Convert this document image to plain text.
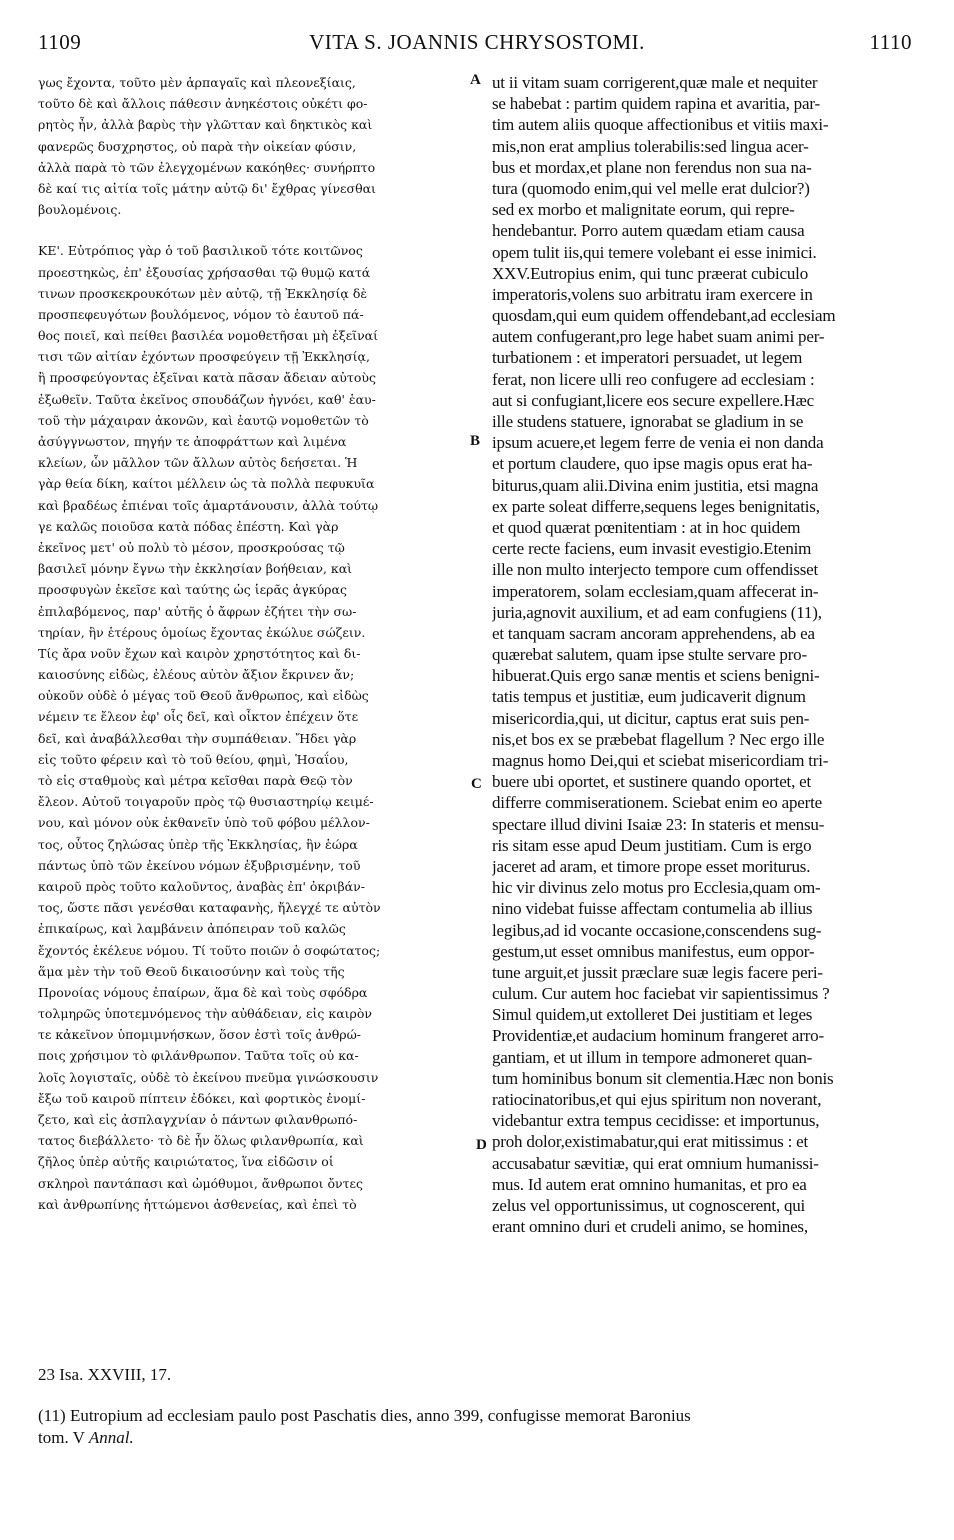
1109	VITA S. JOANNIS CHRYSOSTOMI.	1110
γως ἔχοντα, τοῦτο μὲν ἁρπαγαῖς καὶ πλεονεξίαις,
τοῦτο δὲ καὶ ἄλλοις πάθεσιν ἀνηκέστοις οὐκέτι φο-
ρητὸς ἦν, ἀλλὰ βαρὺς τὴν γλῶτταν καὶ δηκτικὸς καὶ
φανερῶς δυσχρηστος, οὐ παρὰ τὴν οἰκείαν φύσιν,
ἀλλὰ παρὰ τὸ τῶν ἐλεγχομένων κακόηθες· συνήρπτο
δὲ καί τις αἰτία τοῖς μάτην αὐτῷ δι' ἔχθρας γίνεσθαι
βουλομένοις.
ΚΕ'. Εὐτρόπιος γὰρ ὁ τοῦ βασιλικοῦ τότε κοιτῶνος
προεστηκὼς, ἐπ' ἐξουσίας χρήσασθαι τῷ θυμῷ κατά
τινων προσκεκρουκότων μὲν αὐτῷ, τῇ Ἐκκλησίᾳ δὲ
προσπεφευγότων βουλόμενος, νόμον τὸ ἑαυτοῦ πά-
θος ποιεῖ, καὶ πείθει βασιλέα νομοθετῆσαι μὴ ἐξεῖναί
τισι τῶν αἰτίαν ἐχόντων προσφεύγειν τῇ Ἐκκλησίᾳ,
ἢ προσφεύγοντας ἐξεῖναι κατὰ πᾶσαν ἄδειαν αὐτοὺς
ἐξωθεῖν. Ταῦτα ἐκεῖνος σπουδάζων ἠγνόει, καθ' ἑαυ-
τοῦ τὴν μάχαιραν ἀκονῶν, καὶ ἑαυτῷ νομοθετῶν τὸ
ἀσύγγνωστον, πηγήν τε ἀποφράττων καὶ λιμένα
κλείων, ὧν μᾶλλον τῶν ἄλλων αὐτὸς δεήσεται. Ἡ
γὰρ θεία δίκη, καίτοι μέλλειν ὡς τὰ πολλὰ πεφυκυῖα
καὶ βραδέως ἐπιέναι τοῖς ἁμαρτάνουσιν, ἀλλὰ τούτῳ
γε καλῶς ποιοῦσα κατὰ πόδας ἐπέστη. Καὶ γὰρ
ἐκεῖνος μετ' οὐ πολὺ τὸ μέσον, προσκρούσας τῷ
βασιλεῖ μόνην ἔγνω τὴν ἐκκλησίαν βοήθειαν, καὶ
προσφυγὼν ἐκεῖσε καὶ ταύτης ὡς ἱερᾶς ἀγκύρας
ἐπιλαβόμενος, παρ' αὐτῆς ὁ ἄφρων ἐζήτει τὴν σω-
τηρίαν, ἣν ἑτέρους ὁμοίως ἔχοντας ἐκώλυε σώζειν.
Τίς ἄρα νοῦν ἔχων καὶ καιρὸν χρηστότητος καὶ δι-
καιοσύνης εἰδὼς, ἐλέους αὐτὸν ἄξιον ἔκρινεν ἄν;
οὐκοῦν οὐδὲ ὁ μέγας τοῦ Θεοῦ ἄνθρωπος, καὶ εἰδὼς
νέμειν τε ἔλεον ἐφ' οἷς δεῖ, καὶ οἶκτον ἐπέχειν ὅτε
δεῖ, καὶ ἀναβάλλεσθαι τὴν συμπάθειαν. Ἤδει γὰρ
εἰς τοῦτο φέρειν καὶ τὸ τοῦ θείου, φημὶ, Ἡσαΐου,
τὸ εἰς σταθμοὺς καὶ μέτρα κεῖσθαι παρὰ Θεῷ τὸν
ἔλεον. Αὐτοῦ τοιγαροῦν πρὸς τῷ θυσιαστηρίῳ κειμέ-
νου, καὶ μόνον οὐκ ἐκθανεῖν ὑπὸ τοῦ φόβου μέλλον-
τος, οὗτος ζηλώσας ὑπὲρ τῆς Ἐκκλησίας, ἣν ἑώρα
πάντως ὑπὸ τῶν ἐκείνου νόμων ἐξυβρισμένην, τοῦ
καιροῦ πρὸς τοῦτο καλοῦντος, ἀναβὰς ἐπ' ὀκριβάν-
τος, ὥστε πᾶσι γενέσθαι καταφανὴς, ἤλεγχέ τε αὐτὸν
ἐπικαίρως, καὶ λαμβάνειν ἀπόπειραν τοῦ καλῶς
ἔχοντός ἐκέλευε νόμου. Τί τοῦτο ποιῶν ὁ σοφώτατος;
ἅμα μὲν τὴν τοῦ Θεοῦ δικαιοσύνην καὶ τοὺς τῆς
Προνοίας νόμους ἐπαίρων, ἅμα δὲ καὶ τοὺς σφόδρα
τολμηρῶς ὑποτεμνόμενος τὴν αὐθάδειαν, εἰς καιρὸν
τε κἀκεῖνον ὑπομιμνήσκων, ὅσον ἐστὶ τοῖς ἀνθρώ-
ποις χρήσιμον τὸ φιλάνθρωπον. Ταῦτα τοῖς οὐ κα-
λοῖς λογισταῖς, οὐδὲ τὸ ἐκείνου πνεῦμα γινώσκουσιν
ἔξω τοῦ καιροῦ πίπτειν ἐδόκει, καὶ φορτικὸς ἐνομί-
ζετο, καὶ εἰς ἀσπλαγχνίαν ὁ πάντων φιλανθρωπό-
τατος διεβάλλετο· τὸ δὲ ἦν ὅλως φιλανθρωπία, καὶ
ζῆλος ὑπὲρ αὐτῆς καιριώτατος, ἵνα εἰδῶσιν οἱ
σκληροὶ παντάπασι καὶ ὠμόθυμοι, ἄνθρωποι ὄντες
καὶ ἀνθρωπίνης ἡττώμενοι ἀσθενείας, καὶ ἐπεὶ τὸ
ut ii vitam suam corrigerent,quæ male et nequiter
se habebat : partim quidem rapina et avaritia, par-
tim autem aliis quoque affectionibus et vitiis maxi-
mis,non erat amplius tolerabilis:sed lingua acer-
bus et mordax,et plane non ferendus non sua na-
tura (quomodo enim,qui vel melle erat dulcior?)
sed ex morbo et malignitate eorum, qui repre-
hendebantur. Porro autem quædam etiam causa
opem tulit iis,qui temere volebant ei esse inimici.
XXV.Eutropius enim, qui tunc præerat cubiculo
imperatoris,volens suo arbitratu iram exercere in
quosdam,qui eum quidem offendebant,ad ecclesiam
autem confugerant,pro lege habet suam animi per-
turbationem : et imperatori persuadet, ut legem
ferat, non licere ulli reo confugere ad ecclesiam :
aut si confugiant,licere eos secure expellere.Hæc
ille studens statuere, ignorabat se gladium in se
ipsum acuere,et legem ferre de venia ei non danda
et portum claudere, quo ipse magis opus erat ha-
biturus,quam alii.Divina enim justitia, etsi magna
ex parte soleat differre,sequens leges benignitatis,
et quod quærat pœnitentiam : at in hoc quidem
certe recte faciens, eum invasit evestigio.Etenim
ille non multo interjecto tempore cum offendisset
imperatorem, solam ecclesiam,quam affecerat in-
juria,agnovit auxilium, et ad eam confugiens (11),
et tanquam sacram ancoram apprehendens, ab ea
quærebat salutem, quam ipse stulte servare pro-
hibuerat.Quis ergo sanæ mentis et sciens benigni-
tatis tempus et justitiæ, eum judicaverit dignum
misericordia,qui, ut dicitur, captus erat suis pen-
nis,et bos ex se præbebat flagellum ? Nec ergo ille
magnus homo Dei,qui et sciebat misericordiam tri-
buere ubi oportet, et sustinere quando oportet, et
differre commiserationem. Sciebat enim eo aperte
spectare illud divini Isaiæ 23: In stateris et mensu-
ris sitam esse apud Deum justitiam. Cum is ergo
jaceret ad aram, et timore prope esset moriturus.
hic vir divinus zelo motus pro Ecclesia,quam om-
nino videbat fuisse affectam contumelia ab illius
legibus,ad id vocante occasione,conscendens sug-
gestum,ut esset omnibus manifestus, eum oppor-
tune arguit,et jussit præclare suæ legis facere peri-
culum. Cur autem hoc faciebat vir sapientissimus ?
Simul quidem,ut extolleret Dei justitiam et leges
Providentiæ,et audacium hominum frangeret arro-
gantiam, et ut illum in tempore admoneret quan-
tum hominibus bonum sit clementia.Hæc non bonis
ratiocinatoribus,et qui ejus spiritum non noverant,
videbantur extra tempus cecidisse: et importunus,
proh dolor,existimabatur,qui erat mitissimus : et
accusabatur sævitiæ, qui erat omnium humanissi-
mus. Id autem erat omnino humanitas, et pro ea
zelus vel opportunissimus, ut cognoscerent, qui
erant omnino duri et crudeli animo, se homines,
A
B
C
D
23 Isa. XXVIII, 17.
(11) Eutropium ad ecclesiam paulo post Paschatis dies, anno 399, confugisse memorat Baronius
tom. V Annal.
